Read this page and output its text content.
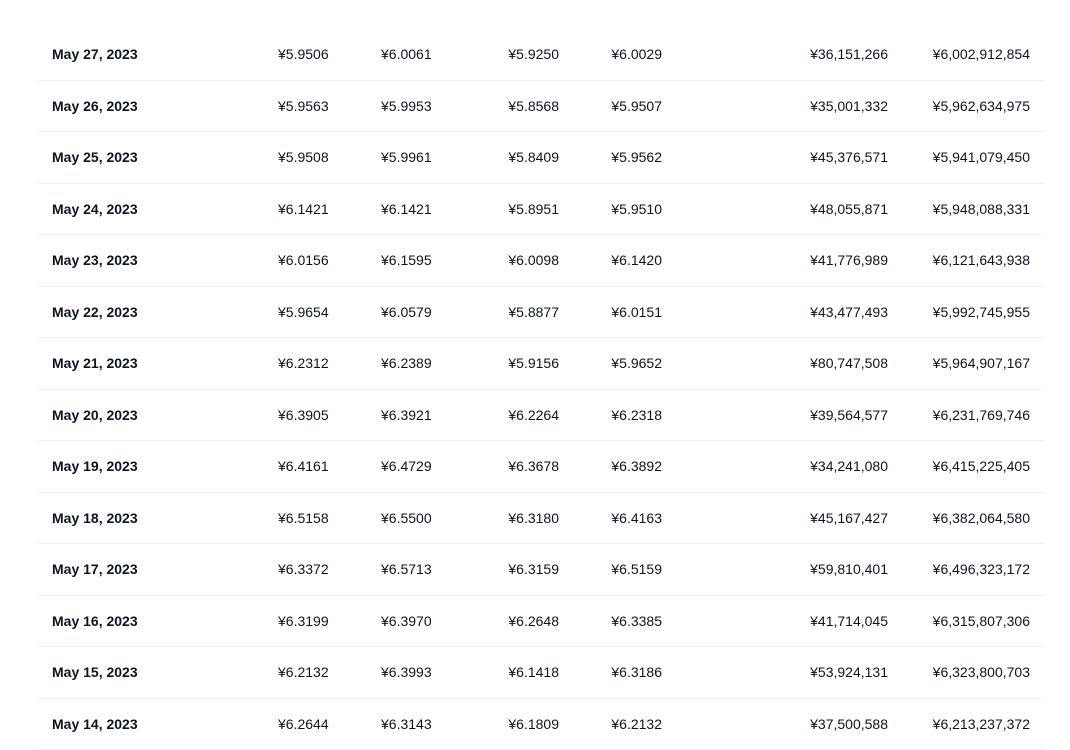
May 27, 2023	¥5.9506	¥6.0061	¥5.9250	¥6.0029	¥36,151,266	¥6,002,912,854
May 26, 2023	¥5.9563	¥5.9953	¥5.8568	¥5.9507	¥35,001,332	¥5,962,634,975
May 25, 2023	¥5.9508	¥5.9961	¥5.8409	¥5.9562	¥45,376,571	¥5,941,079,450
May 24, 2023	¥6.1421	¥6.1421	¥5.8951	¥5.9510	¥48,055,871	¥5,948,088,331
May 23, 2023	¥6.0156	¥6.1595	¥6.0098	¥6.1420	¥41,776,989	¥6,121,643,938
May 22, 2023	¥5.9654	¥6.0579	¥5.8877	¥6.0151	¥43,477,493	¥5,992,745,955
May 21, 2023	¥6.2312	¥6.2389	¥5.9156	¥5.9652	¥80,747,508	¥5,964,907,167
May 20, 2023	¥6.3905	¥6.3921	¥6.2264	¥6.2318	¥39,564,577	¥6,231,769,746
May 19, 2023	¥6.4161	¥6.4729	¥6.3678	¥6.3892	¥34,241,080	¥6,415,225,405
May 18, 2023	¥6.5158	¥6.5500	¥6.3180	¥6.4163	¥45,167,427	¥6,382,064,580
May 17, 2023	¥6.3372	¥6.5713	¥6.3159	¥6.5159	¥59,810,401	¥6,496,323,172
May 16, 2023	¥6.3199	¥6.3970	¥6.2648	¥6.3385	¥41,714,045	¥6,315,807,306
May 15, 2023	¥6.2132	¥6.3993	¥6.1418	¥6.3186	¥53,924,131	¥6,323,800,703
May 14, 2023	¥6.2644	¥6.3143	¥6.1809	¥6.2132	¥37,500,588	¥6,213,237,372
